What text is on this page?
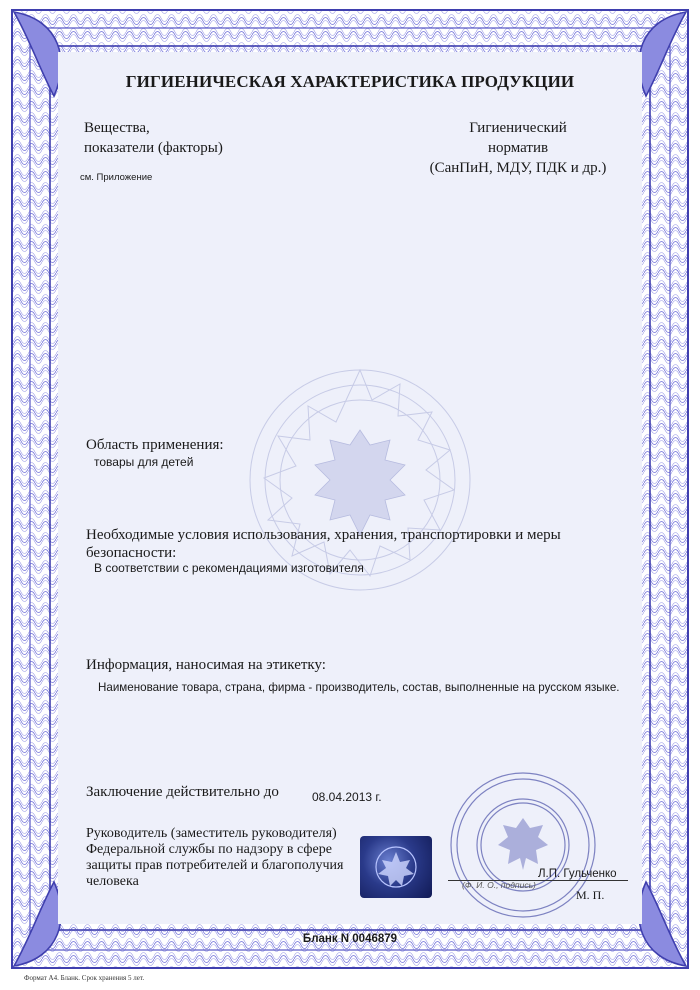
ГИГИЕНИЧЕСКАЯ ХАРАКТЕРИСТИКА ПРОДУКЦИИ
Вещества,
показатели (факторы)
Гигиенический
норматив
(СанПиН, МДУ, ПДК и др.)
см. Приложение
Область применения:
товары для детей
Необходимые условия использования, хранения, транспортировки и меры
безопасности:
В соответствии с рекомендациями изготовителя
Информация, наносимая на этикетку:
Наименование товара, страна, фирма - производитель, состав, выполненные на русском языке.
Заключение действительно до	08.04.2013 г.
Руководитель (заместитель руководителя)
Федеральной службы по надзору в сфере
защиты прав потребителей и благополучия
человека	Л.П. Гульченко
(Ф. И. О., подпись)
М. П.
Бланк N 0046879
Формат А4. Бланк. Срок хранения 5 лет.
